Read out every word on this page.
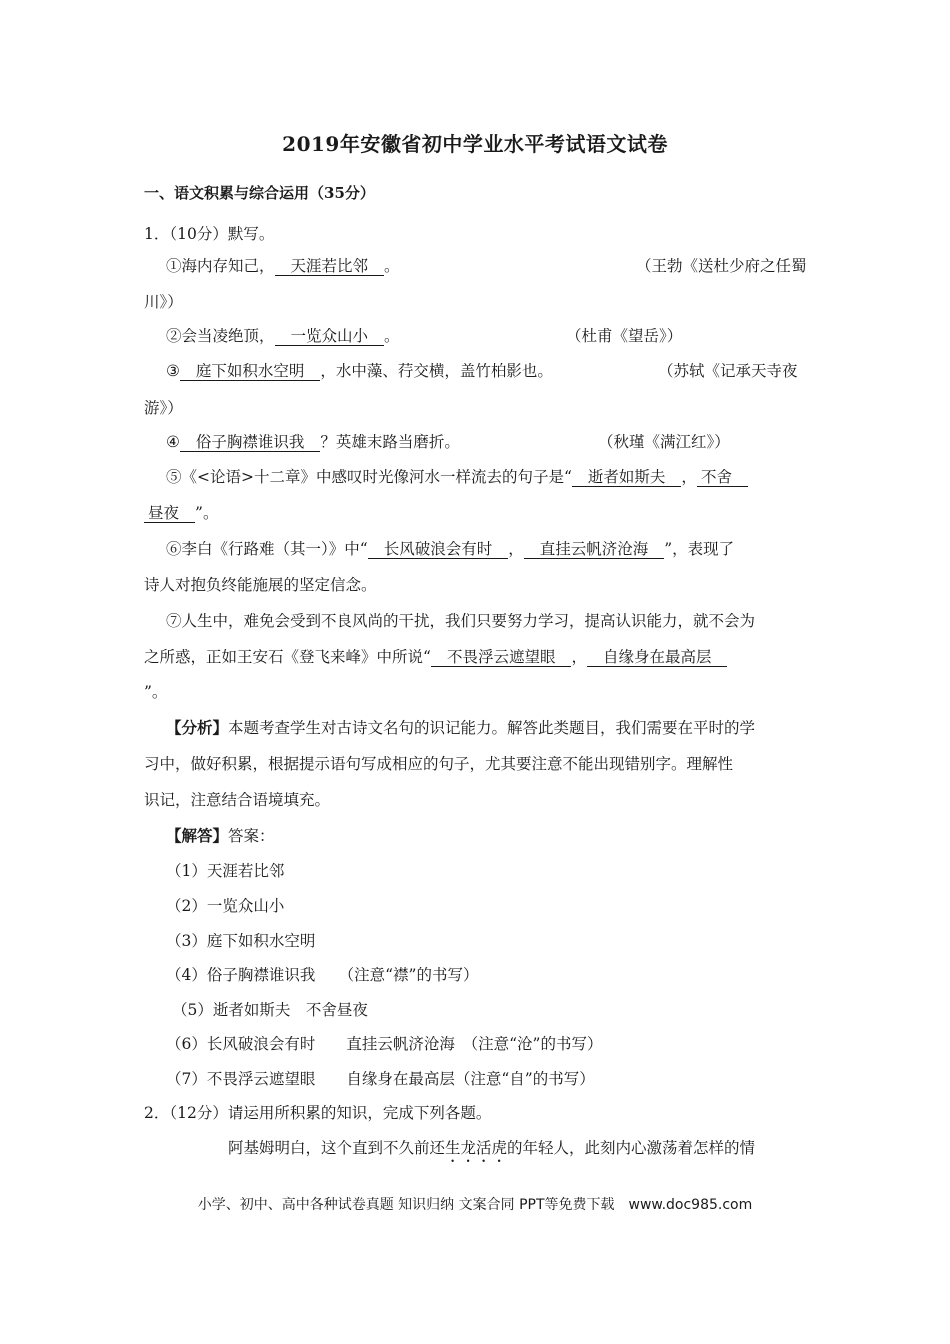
2019年安徽省初中学业水平考试语文试卷
一、语文积累与综合运用（35分）
1．（10分）默写。
①海内存知己， 天涯若比邻 。	（王勃《送杜少府之任蜀
川》）
②会当凌绝顶， 一览众山小 。	（杜甫《望岳》）
③ 庭下如积水空明 ，水中藻、荇交横，盖竹柏影也。	（苏轼《记承天寺夜
游》）
④ 俗子胸襟谁识我 ？英雄末路当磨折。	（秋瑾《满江红》）
⑤《<论语>十二章》中感叹时光像河水一样流去的句子是“ 逝者如斯夫 ， 不舍
昼夜 ”。
⑥李白《行路难（其一）》中“ 长风破浪会有时 ， 直挂云帆济沧海 ”，表现了
诗人对抱负终能施展的坚定信念。
⑦人生中，难免会受到不良风尚的干扰，我们只要努力学习，提高认识能力，就不会为
之所惑，正如王安石《登飞来峰》中所说“ 不畏浮云遮望眼 ， 自缘身在最高层
”。
【分析】本题考查学生对古诗文名句的识记能力。解答此类题目，我们需要在平时的学
习中，做好积累，根据提示语句写成相应的句子，尤其要注意不能出现错别字。理解性
识记，注意结合语境填充。
【解答】答案：
（1）天涯若比邻
（2）一览众山小
（3）庭下如积水空明
（4）俗子胸襟谁识我　　（注意“襟”的书写）
（5）逝者如斯夫　不舍昼夜
（6）长风破浪会有时　　直挂云帆济沧海　（注意“沧”的书写）
（7）不畏浮云遮望眼　　自缘身在最高层（注意“自”的书写）
2．（12分）请运用所积累的知识，完成下列各题。
阿基姆明白，这个直到不久前还生龙活虎的年轻人，此刻内心激荡着怎样的情
小学、初中、高中各种试卷真题 知识归纳 文案合同 PPT等免费下载　www.doc985.com
